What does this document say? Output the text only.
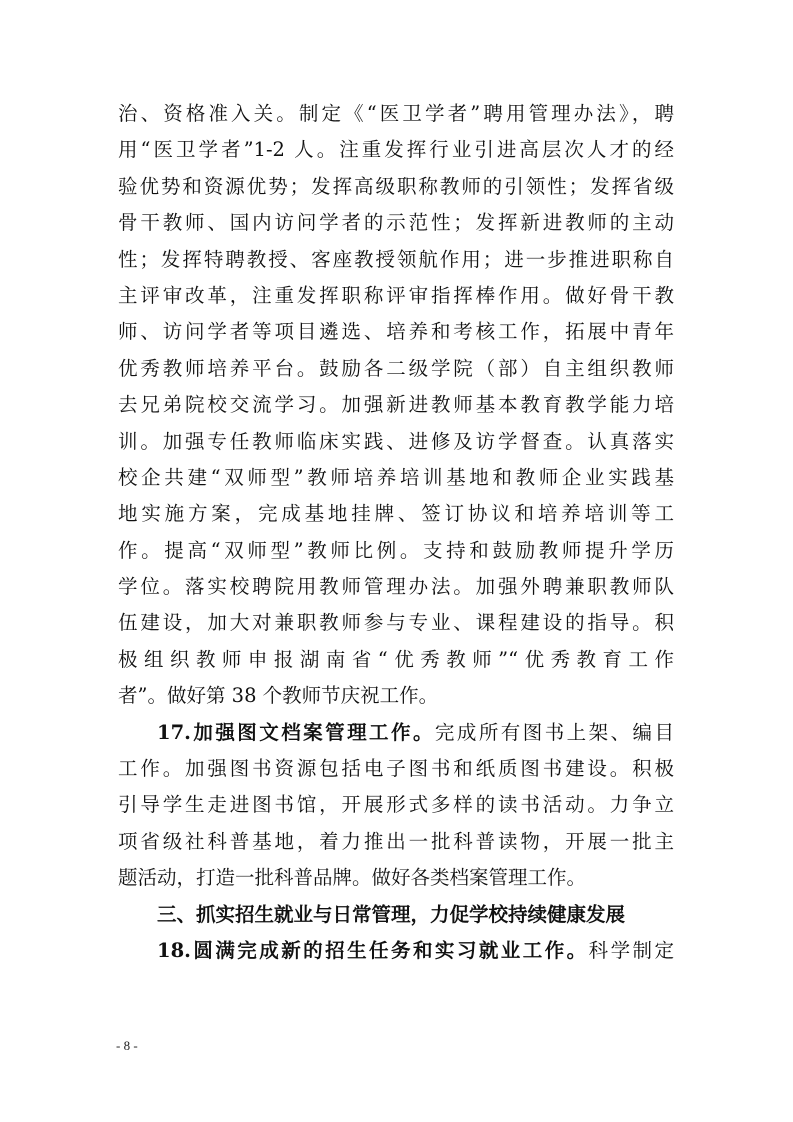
治、资格准入关。制定《“医卫学者”聘用管理办法》，聘
用“医卫学者”1-2 人。注重发挥行业引进高层次人才的经
验优势和资源优势；发挥高级职称教师的引领性；发挥省级
骨干教师、国内访问学者的示范性；发挥新进教师的主动
性；发挥特聘教授、客座教授领航作用；进一步推进职称自
主评审改革，注重发挥职称评审指挥棒作用。做好骨干教
师、访问学者等项目遴选、培养和考核工作，拓展中青年
优秀教师培养平台。鼓励各二级学院（部）自主组织教师
去兄弟院校交流学习。加强新进教师基本教育教学能力培
训。加强专任教师临床实践、进修及访学督查。认真落实
校企共建“双师型”教师培养培训基地和教师企业实践基
地实施方案，完成基地挂牌、签订协议和培养培训等工
作。提高“双师型”教师比例。支持和鼓励教师提升学历
学位。落实校聘院用教师管理办法。加强外聘兼职教师队
伍建设，加大对兼职教师参与专业、课程建设的指导。积
极组织教师申报湖南省“优秀教师”“优秀教育工作
者”。做好第 38 个教师节庆祝工作。
17.加强图文档案管理工作。完成所有图书上架、编目
工作。加强图书资源包括电子图书和纸质图书建设。积极
引导学生走进图书馆，开展形式多样的读书活动。力争立
项省级社科普基地，着力推出一批科普读物，开展一批主
题活动，打造一批科普品牌。做好各类档案管理工作。
三、抓实招生就业与日常管理，力促学校持续健康发展
18.圆满完成新的招生任务和实习就业工作。科学制定
- 8 -
